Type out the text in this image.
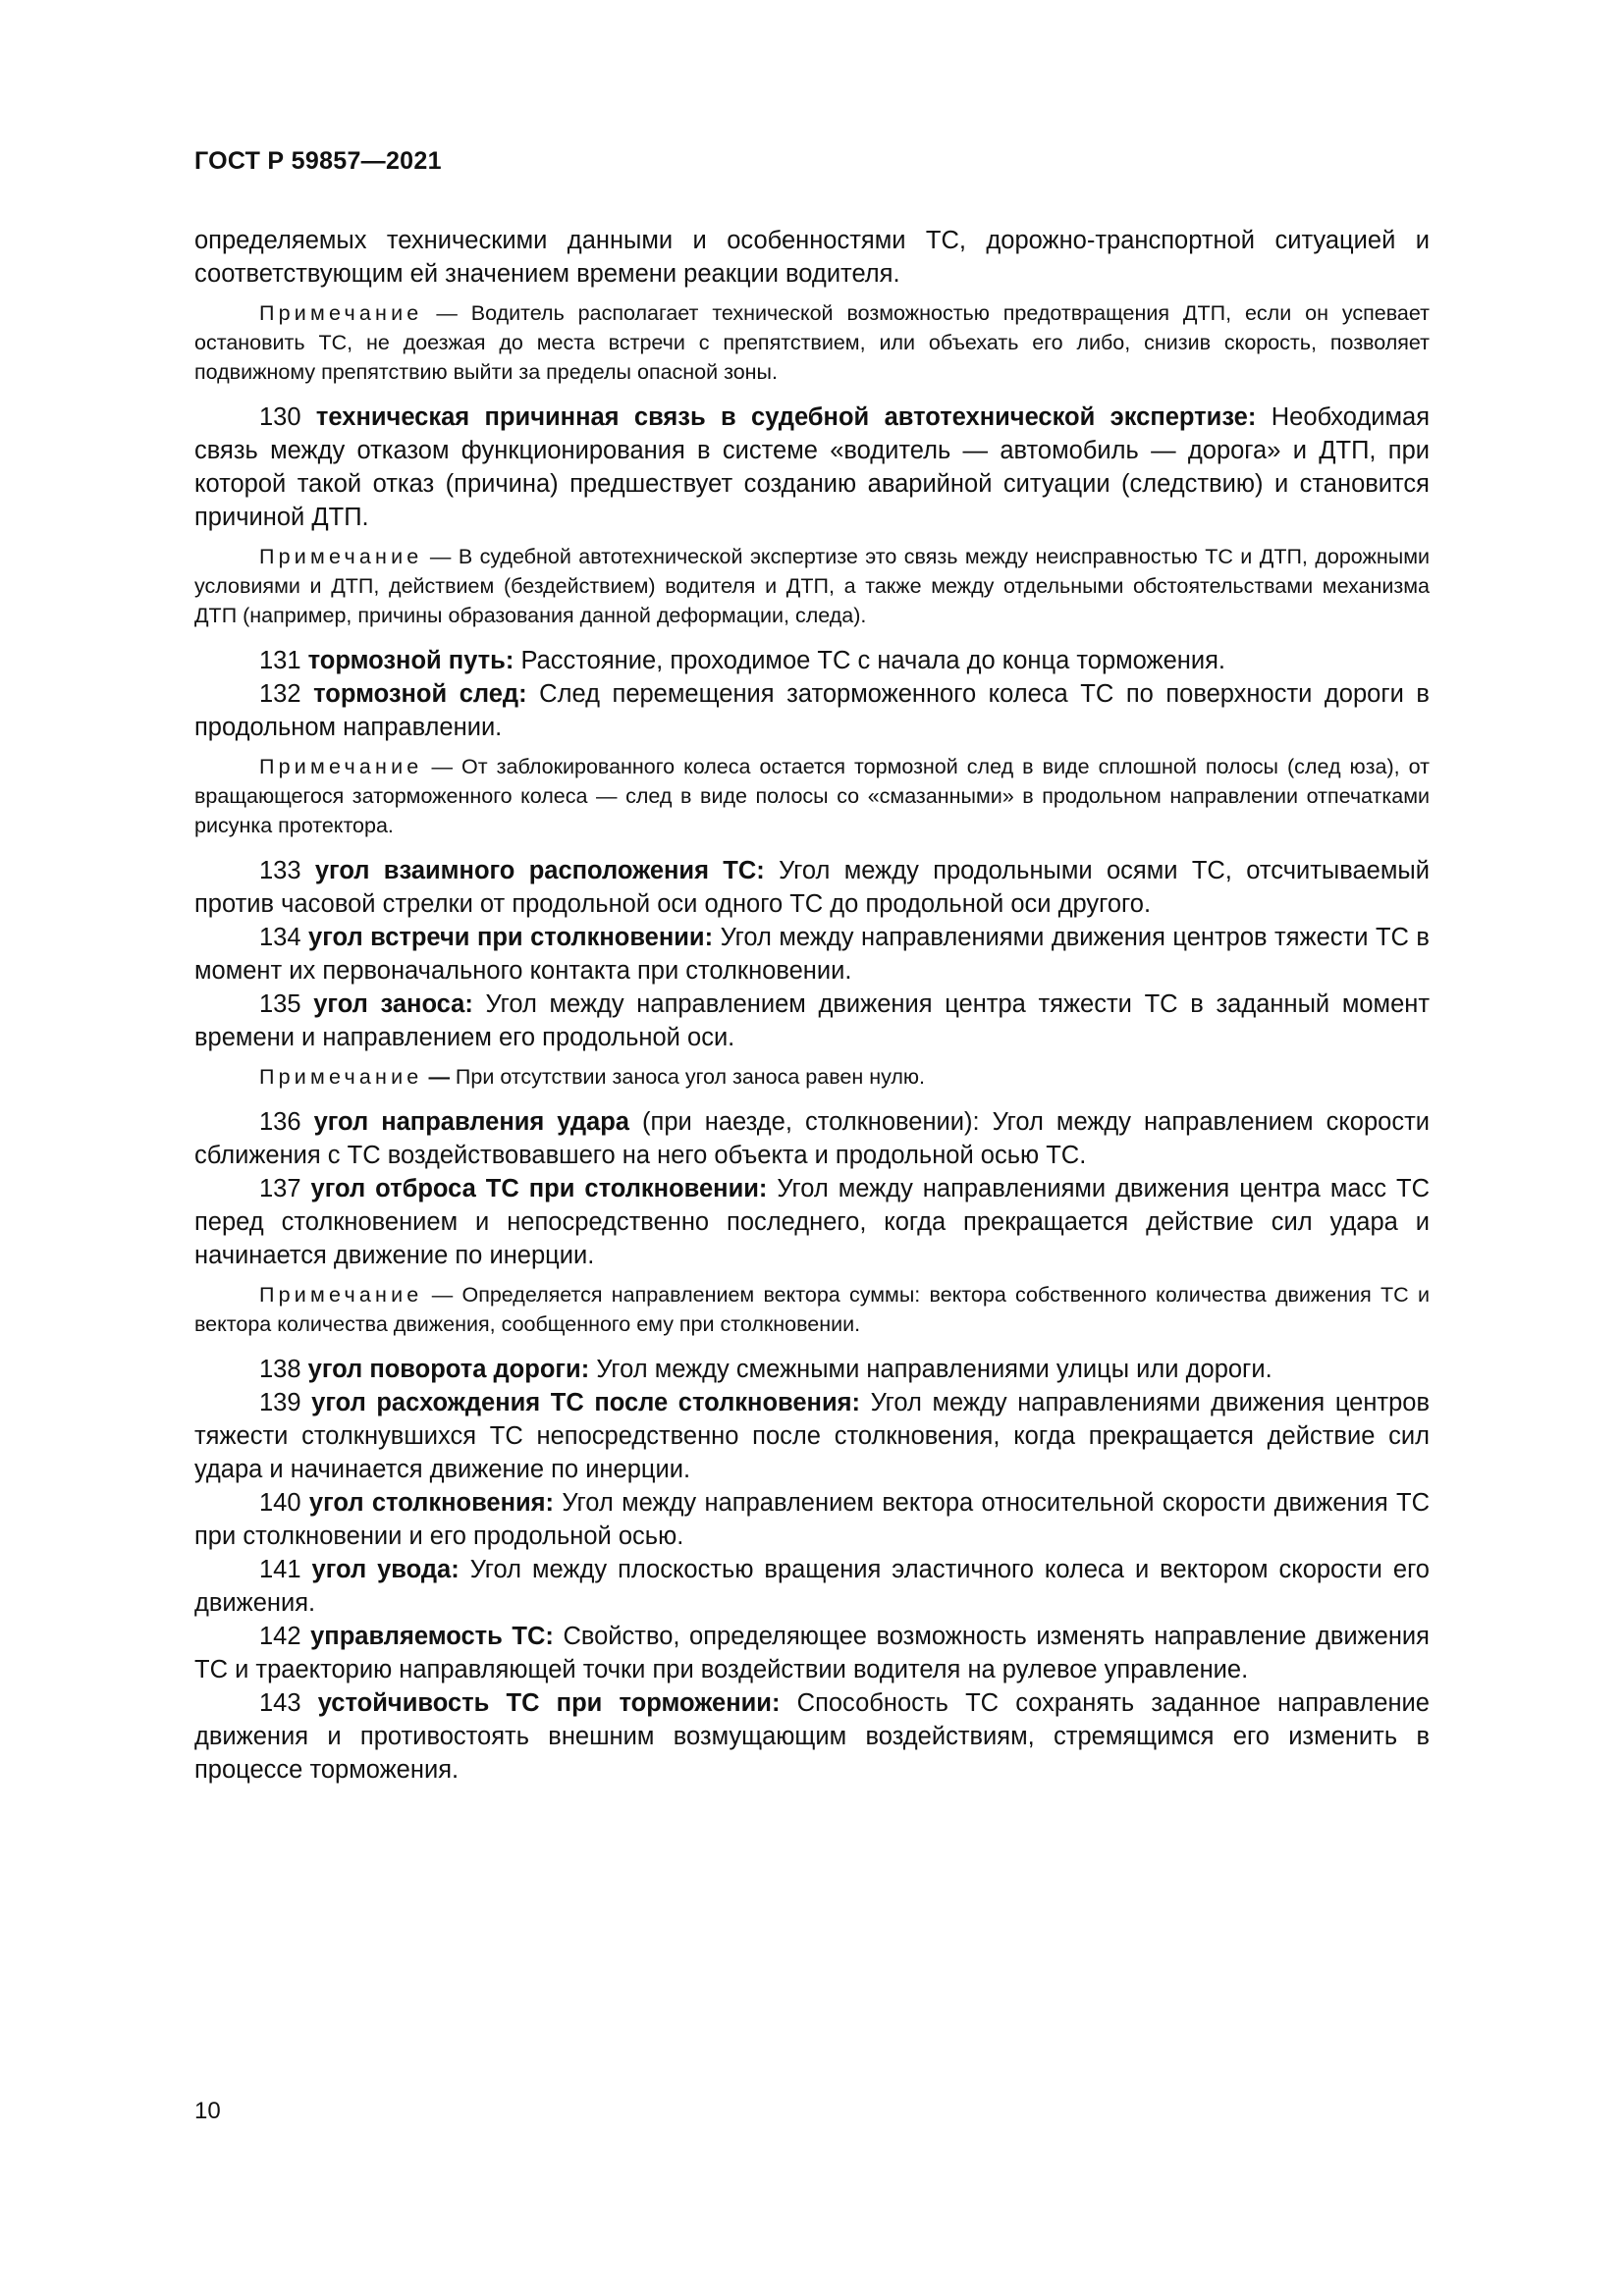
ГОСТ Р 59857—2021

определяемых техническими данными и особенностями ТС, дорожно-транспортной ситуацией и соответствующим ей значением времени реакции водителя.

Примечание — Водитель располагает технической возможностью предотвращения ДТП, если он успевает остановить ТС, не доезжая до места встречи с препятствием, или объехать его либо, снизив скорость, позволяет подвижному препятствию выйти за пределы опасной зоны.

130 техническая причинная связь в судебной автотехнической экспертизе: Необходимая связь между отказом функционирования в системе «водитель — автомобиль — дорога» и ДТП, при которой такой отказ (причина) предшествует созданию аварийной ситуации (следствию) и становится причиной ДТП.

Примечание — В судебной автотехнической экспертизе это связь между неисправностью ТС и ДТП, дорожными условиями и ДТП, действием (бездействием) водителя и ДТП, а также между отдельными обстоятельствами механизма ДТП (например, причины образования данной деформации, следа).

131 тормозной путь: Расстояние, проходимое ТС с начала до конца торможения.

132 тормозной след: След перемещения заторможенного колеса ТС по поверхности дороги в продольном направлении.

Примечание — От заблокированного колеса остается тормозной след в виде сплошной полосы (след юза), от вращающегося заторможенного колеса — след в виде полосы со «смазанными» в продольном направлении отпечатками рисунка протектора.

133 угол взаимного расположения ТС: Угол между продольными осями ТС, отсчитываемый против часовой стрелки от продольной оси одного ТС до продольной оси другого.

134 угол встречи при столкновении: Угол между направлениями движения центров тяжести ТС в момент их первоначального контакта при столкновении.

135 угол заноса: Угол между направлением движения центра тяжести ТС в заданный момент времени и направлением его продольной оси.

Примечание — При отсутствии заноса угол заноса равен нулю.

136 угол направления удара (при наезде, столкновении): Угол между направлением скорости сближения с ТС воздействовавшего на него объекта и продольной осью ТС.

137 угол отброса ТС при столкновении: Угол между направлениями движения центра масс ТС перед столкновением и непосредственно последнего, когда прекращается действие сил удара и начинается движение по инерции.

Примечание — Определяется направлением вектора суммы: вектора собственного количества движения ТС и вектора количества движения, сообщенного ему при столкновении.

138 угол поворота дороги: Угол между смежными направлениями улицы или дороги.

139 угол расхождения ТС после столкновения: Угол между направлениями движения центров тяжести столкнувшихся ТС непосредственно после столкновения, когда прекращается действие сил удара и начинается движение по инерции.

140 угол столкновения: Угол между направлением вектора относительной скорости движения ТС при столкновении и его продольной осью.

141 угол увода: Угол между плоскостью вращения эластичного колеса и вектором скорости его движения.

142 управляемость ТС: Свойство, определяющее возможность изменять направление движения ТС и траекторию направляющей точки при воздействии водителя на рулевое управление.

143 устойчивость ТС при торможении: Способность ТС сохранять заданное направление движения и противостоять внешним возмущающим воздействиям, стремящимся его изменить в процессе торможения.

10
